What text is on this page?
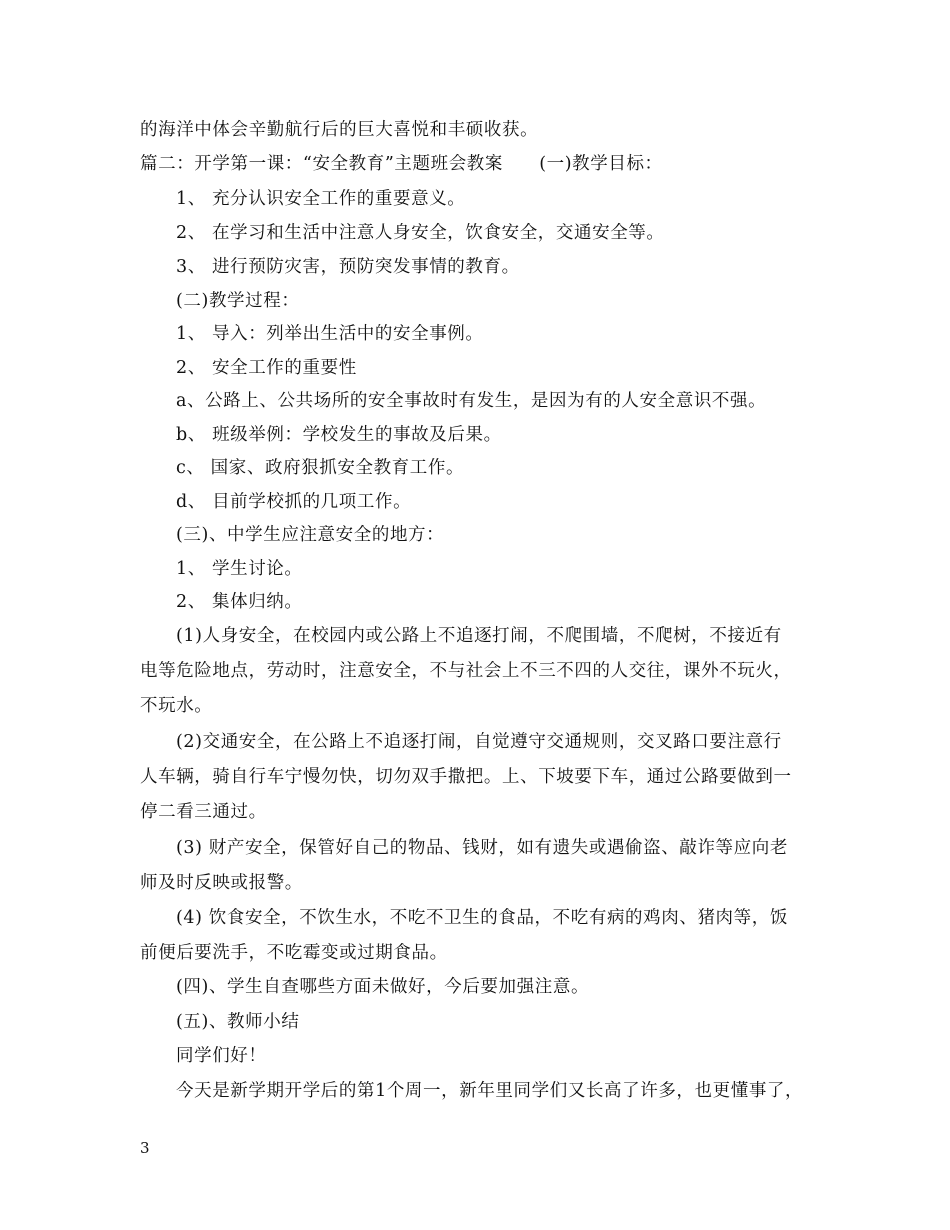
的海洋中体会辛勤航行后的巨大喜悦和丰硕收获。
篇二：开学第一课：“安全教育”主题班会教案　　(一)教学目标：
1、 充分认识安全工作的重要意义。
2、 在学习和生活中注意人身安全，饮食安全，交通安全等。
3、 进行预防灾害，预防突发事情的教育。
(二)教学过程：
1、 导入：列举出生活中的安全事例。
2、 安全工作的重要性
a、公路上、公共场所的安全事故时有发生，是因为有的人安全意识不强。
b、 班级举例：学校发生的事故及后果。
c、 国家、政府狠抓安全教育工作。
d、 目前学校抓的几项工作。
(三)、中学生应注意安全的地方：
1、 学生讨论。
2、 集体归纳。
(1)人身安全，在校园内或公路上不追逐打闹，不爬围墙，不爬树，不接近有
电等危险地点，劳动时，注意安全，不与社会上不三不四的人交往，课外不玩火，
不玩水。
(2)交通安全，在公路上不追逐打闹，自觉遵守交通规则，交叉路口要注意行
人车辆，骑自行车宁慢勿快，切勿双手撒把。上、下坡要下车，通过公路要做到一
停二看三通过。
(3) 财产安全，保管好自己的物品、钱财，如有遗失或遇偷盗、敲诈等应向老
师及时反映或报警。
(4) 饮食安全，不饮生水，不吃不卫生的食品，不吃有病的鸡肉、猪肉等，饭
前便后要洗手，不吃霉变或过期食品。
(四)、学生自查哪些方面未做好，今后要加强注意。
(五)、教师小结
同学们好！
今天是新学期开学后的第1个周一，新年里同学们又长高了许多，也更懂事了，
3
